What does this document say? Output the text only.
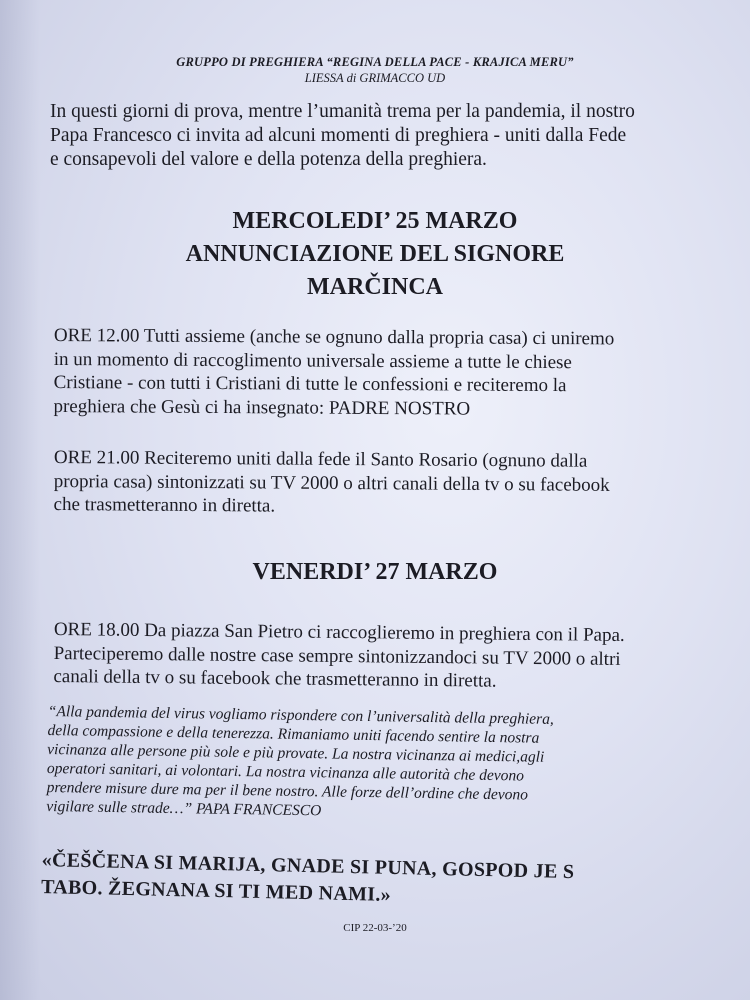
GRUPPO DI PREGHIERA “REGINA DELLA PACE - KRAJICA MERU”
LIESSA di GRIMACCO UD
In questi giorni di prova, mentre l’umanità trema per la pandemia, il nostro
Papa Francesco ci invita ad alcuni momenti di preghiera - uniti dalla Fede
e consapevoli del valore e della potenza della preghiera.
MERCOLEDI’ 25 MARZO
ANNUNCIAZIONE DEL SIGNORE
MARČINCA
ORE 12.00 Tutti assieme (anche se ognuno dalla propria casa) ci uniremo
in un momento di raccoglimento universale assieme a tutte le chiese
Cristiane - con tutti i Cristiani di tutte le confessioni e reciteremo la
preghiera che Gesù ci ha insegnato: PADRE NOSTRO
ORE 21.00 Reciteremo uniti dalla fede il Santo Rosario (ognuno dalla
propria casa) sintonizzati su TV 2000 o altri canali della tv o su facebook
che trasmetteranno in diretta.
VENERDI’ 27 MARZO
ORE 18.00 Da piazza San Pietro ci raccoglieremo in preghiera con il Papa.
Parteciperemo dalle nostre case sempre sintonizzandoci su TV 2000 o altri
canali della tv o su facebook che trasmetteranno in diretta.
“Alla pandemia del virus vogliamo rispondere con l’universalità della preghiera,
della compassione e della tenerezza. Rimaniamo uniti facendo sentire la nostra
vicinanza alle persone più sole e più provate. La nostra vicinanza ai medici,agli
operatori sanitari, ai volontari. La nostra vicinanza alle autorità che devono
prendere misure dure ma per il bene nostro. Alle forze dell’ordine che devono
vigilare sulle strade…” PAPA FRANCESCO
«ČEŠČENA SI MARIJA, GNADE SI PUNA, GOSPOD JE S
TABO. ŽEGNANA SI TI MED NAMI.»
CIP 22-03-’20
